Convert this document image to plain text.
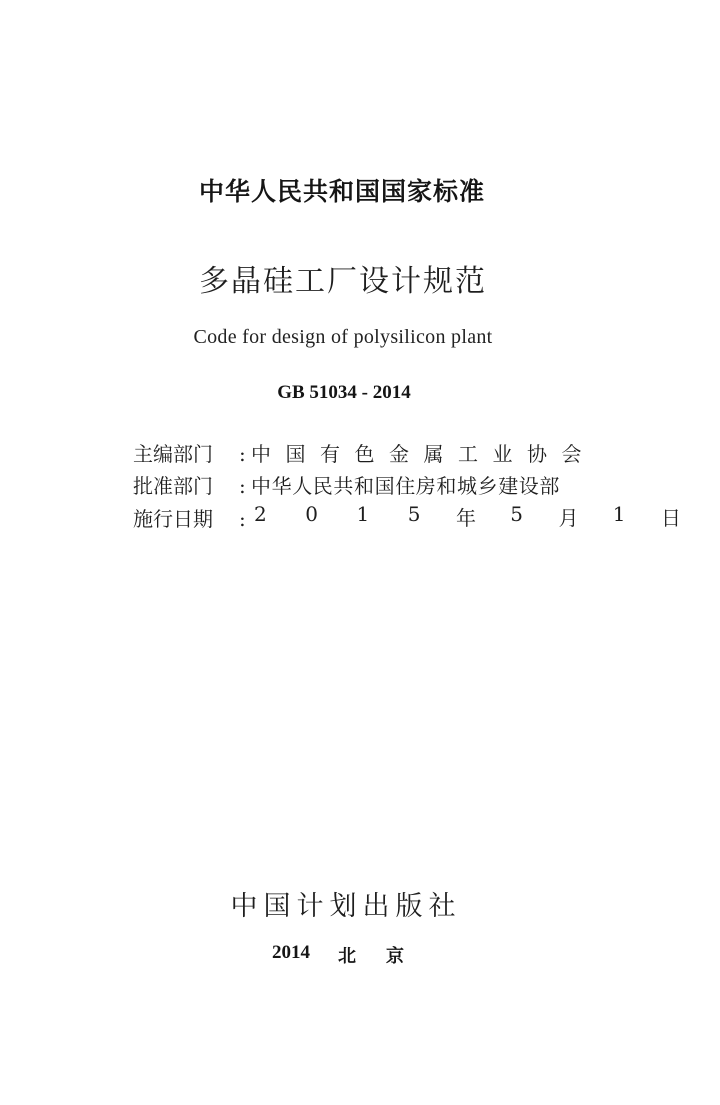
中华人民共和国国家标准
多晶硅工厂设计规范
Code for design of polysilicon plant
GB 51034 - 2014
主编部门	: 中国有色金属工业协会
批准部门	: 中华人民共和国住房和城乡建设部
施行日期	: 2 0 1 5 年 5 月 1 日
中国计划出版社
2014 北京
